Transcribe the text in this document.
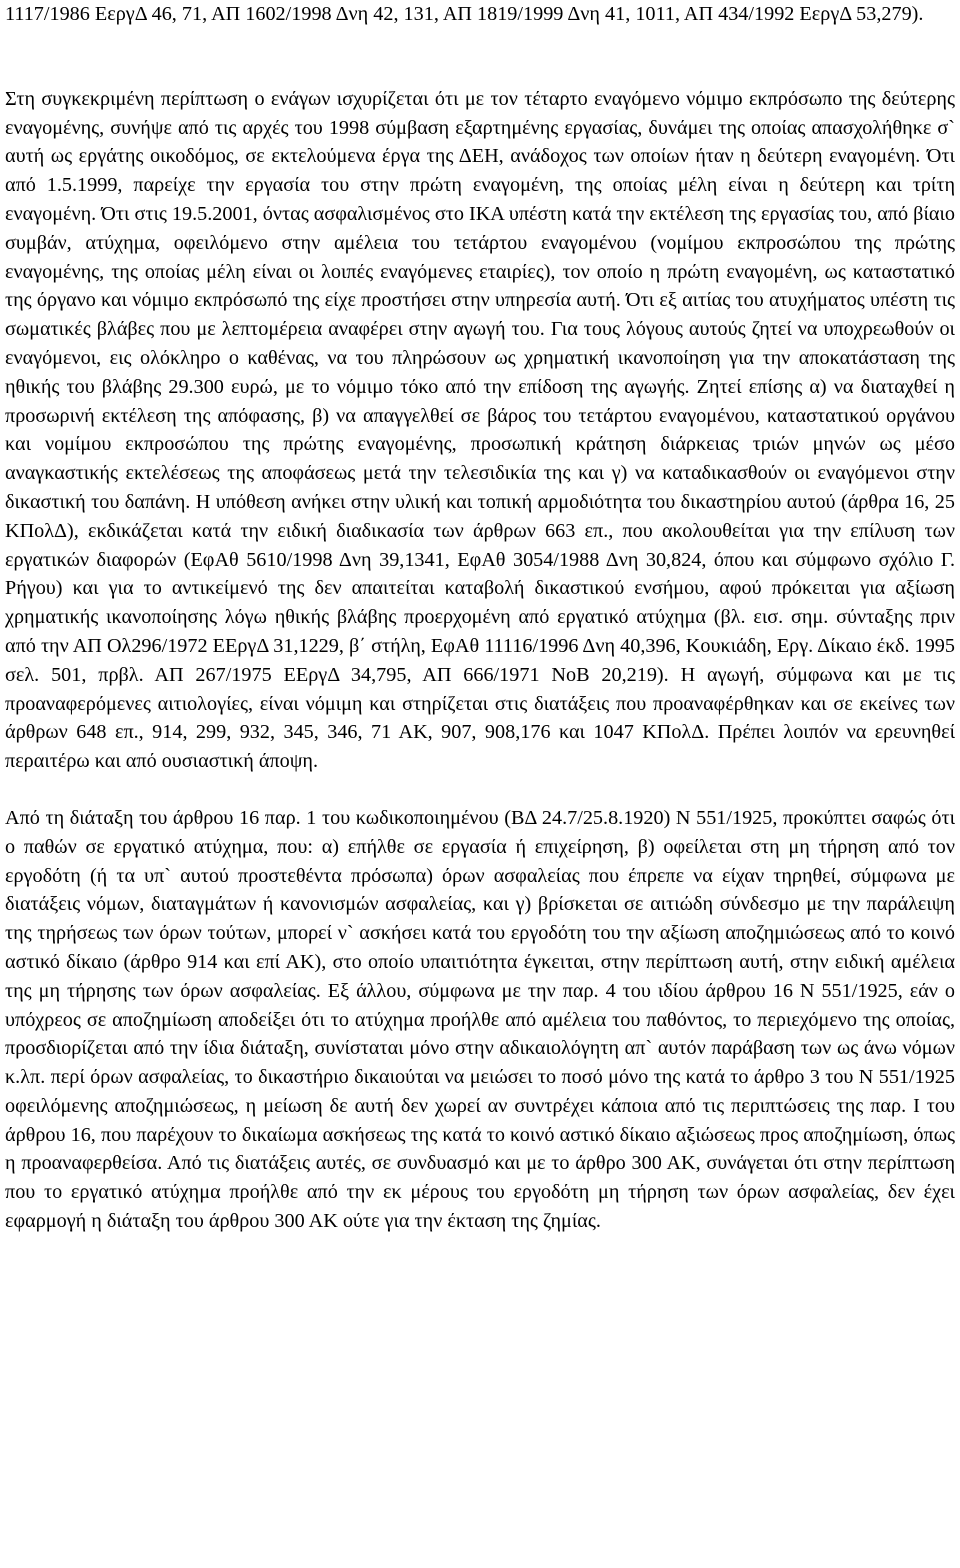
1117/1986 ΕεργΔ 46, 71, ΑΠ 1602/1998 Δνη 42, 131, ΑΠ 1819/1999 Δνη 41, 1011, ΑΠ 434/1992 ΕεργΔ 53,279).

Στη συγκεκριμένη περίπτωση ο ενάγων ισχυρίζεται ότι με τον τέταρτο εναγόμενο νόμιμο εκπρόσωπο της δεύτερης εναγομένης, συνήψε από τις αρχές του 1998 σύμβαση εξαρτημένης εργασίας, δυνάμει της οποίας απασχολήθηκε σ` αυτή ως εργάτης οικοδόμος, σε εκτελούμενα έργα της ΔΕΗ, ανάδοχος των οποίων ήταν η δεύτερη εναγομένη. Ότι από 1.5.1999, παρείχε την εργασία του στην πρώτη εναγομένη, της οποίας μέλη είναι η δεύτερη και τρίτη εναγομένη. Ότι στις 19.5.2001, όντας ασφαλισμένος στο ΙΚΑ υπέστη κατά την εκτέλεση της εργασίας του, από βίαιο συμβάν, ατύχημα, οφειλόμενο στην αμέλεια του τετάρτου εναγομένου (νομίμου εκπροσώπου της πρώτης εναγομένης, της οποίας μέλη είναι οι λοιπές εναγόμενες εταιρίες), τον οποίο η πρώτη εναγομένη, ως καταστατικό της όργανο και νόμιμο εκπρόσωπό της είχε προστήσει στην υπηρεσία αυτή. Ότι εξ αιτίας του ατυχήματος υπέστη τις σωματικές βλάβες που με λεπτομέρεια αναφέρει στην αγωγή του. Για τους λόγους αυτούς ζητεί να υποχρεωθούν οι εναγόμενοι, εις ολόκληρο ο καθένας, να του πληρώσουν ως χρηματική ικανοποίηση για την αποκατάσταση της ηθικής του βλάβης 29.300 ευρώ, με το νόμιμο τόκο από την επίδοση της αγωγής. Ζητεί επίσης α) να διαταχθεί η προσωρινή εκτέλεση της απόφασης, β) να απαγγελθεί σε βάρος του τετάρτου εναγομένου, καταστατικού οργάνου και νομίμου εκπροσώπου της πρώτης εναγομένης, προσωπική κράτηση διάρκειας τριών μηνών ως μέσο αναγκαστικής εκτελέσεως της αποφάσεως μετά την τελεσιδικία της και γ) να καταδικασθούν οι εναγόμενοι στην δικαστική του δαπάνη. Η υπόθεση ανήκει στην υλική και τοπική αρμοδιότητα του δικαστηρίου αυτού (άρθρα 16, 25 ΚΠολΔ), εκδικάζεται κατά την ειδική διαδικασία των άρθρων 663 επ., που ακολουθείται για την επίλυση των εργατικών διαφορών (ΕφΑθ 5610/1998 Δνη 39,1341, ΕφΑθ 3054/1988 Δνη 30,824, όπου και σύμφωνο σχόλιο Γ. Ρήγου) και για το αντικείμενό της δεν απαιτείται καταβολή δικαστικού ενσήμου, αφού πρόκειται για αξίωση χρηματικής ικανοποίησης λόγω ηθικής βλάβης προερχομένη από εργατικό ατύχημα (βλ. εισ. σημ. σύνταξης πριν από την ΑΠ Ολ296/1972 ΕΕργΔ 31,1229, β΄ στήλη, ΕφΑθ 11116/1996 Δνη 40,396, Κουκιάδη, Εργ. Δίκαιο έκδ. 1995 σελ. 501, πρβλ. ΑΠ 267/1975 ΕΕργΔ 34,795, ΑΠ 666/1971 ΝοΒ 20,219). Η αγωγή, σύμφωνα και με τις προαναφερόμενες αιτιολογίες, είναι νόμιμη και στηρίζεται στις διατάξεις που προαναφέρθηκαν και σε εκείνες των άρθρων 648 επ., 914, 299, 932, 345, 346, 71 ΑΚ, 907, 908,176 και 1047 ΚΠολΔ. Πρέπει λοιπόν να ερευνηθεί περαιτέρω και από ουσιαστική άποψη.

Από τη διάταξη του άρθρου 16 παρ. 1 του κωδικοποιημένου (ΒΔ 24.7/25.8.1920) Ν 551/1925, προκύπτει σαφώς ότι ο παθών σε εργατικό ατύχημα, που: α) επήλθε σε εργασία ή επιχείρηση, β) οφείλεται στη μη τήρηση από τον εργοδότη (ή τα υπ` αυτού προστεθέντα πρόσωπα) όρων ασφαλείας που έπρεπε να είχαν τηρηθεί, σύμφωνα με διατάξεις νόμων, διαταγμάτων ή κανονισμών ασφαλείας, και γ) βρίσκεται σε αιτιώδη σύνδεσμο με την παράλειψη της τηρήσεως των όρων τούτων, μπορεί ν` ασκήσει κατά του εργοδότη του την αξίωση αποζημιώσεως από το κοινό αστικό δίκαιο (άρθρο 914 και επί ΑΚ), στο οποίο υπαιτιότητα έγκειται, στην περίπτωση αυτή, στην ειδική αμέλεια της μη τήρησης των όρων ασφαλείας. Εξ άλλου, σύμφωνα με την παρ. 4 του ιδίου άρθρου 16 Ν 551/1925, εάν ο υπόχρεος σε αποζημίωση αποδείξει ότι το ατύχημα προήλθε από αμέλεια του παθόντος, το περιεχόμενο της οποίας, προσδιορίζεται από την ίδια διάταξη, συνίσταται μόνο στην αδικαιολόγητη απ` αυτόν παράβαση των ως άνω νόμων κ.λπ. περί όρων ασφαλείας, το δικαστήριο δικαιούται να μειώσει το ποσό μόνο της κατά το άρθρο 3 του Ν 551/1925 οφειλόμενης αποζημιώσεως, η μείωση δε αυτή δεν χωρεί αν συντρέχει κάποια από τις περιπτώσεις της παρ. Ι του άρθρου 16, που παρέχουν το δικαίωμα ασκήσεως της κατά το κοινό αστικό δίκαιο αξιώσεως προς αποζημίωση, όπως η προαναφερθείσα. Από τις διατάξεις αυτές, σε συνδυασμό και με το άρθρο 300 ΑΚ, συνάγεται ότι στην περίπτωση που το εργατικό ατύχημα προήλθε από την εκ μέρους του εργοδότη μη τήρηση των όρων ασφαλείας, δεν έχει εφαρμογή η διάταξη του άρθρου 300 ΑΚ ούτε για την έκταση της ζημίας.
